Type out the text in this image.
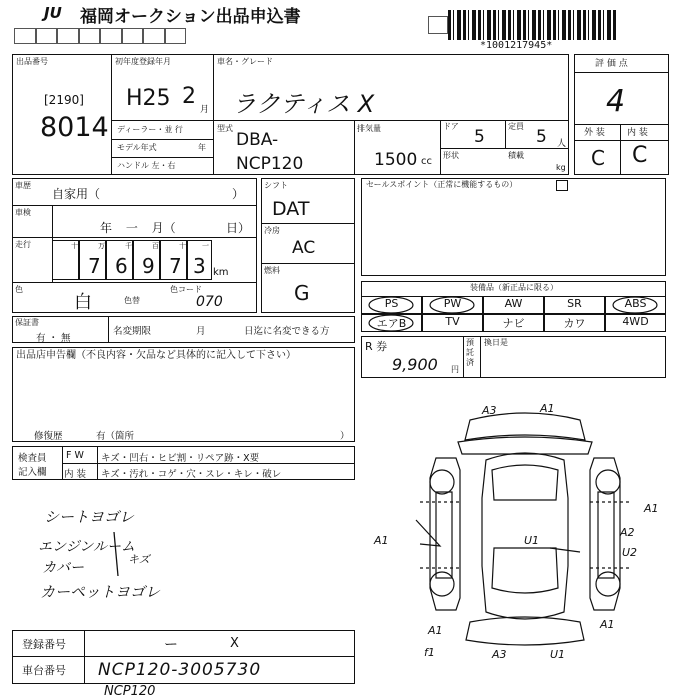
JU 福岡オークション出品申込書
*1001217945*
出品番号
[2190]
8014
初年度登録年月
H25 2
月
ディーラー・並 行
モデル年式	年
ハンドル 左・右
車名・グレード
ラクティス X
型式
DBA-
NCP120
排気量
1500 cc
ドア
5
定員
5 人
形状	積載
kg
評 価 点
4
外 装 内 装
C C
車歴
自家用（	）
車検
年 一 月（	日）
走行	十	万	千	百	十 一
7 6 9 7 3 km
色
白	色替
色コード
070
シフト
DAT
冷房
AC
燃料
G
セールスポイント（正常に機能するもの）
装備品（新正品に限る）
PS	PW	AW	SR	ABS
エアB	TV	ナビ	カワ	4WD
保証書
有 ・ 無
名変期限	月	日迄に名変できる方
R 券
9,900 円
預託済
換日是
出品店申告欄（不良内容・欠品など具体的に記入して下さい）
修復歴	有（箇所	）
検査員
記入欄
F W キズ・凹右・ヒビ割・リペア跡・X要
内 装 キズ・汚れ・コゲ・穴・スレ・キレ・破レ
シートヨゴレ
エンジンルーム
カバー
キズ
カーペットヨゴレ
A3	A1
A1
A1
U1
A2
U2
A1	A1
A3	U1
f1
登録番号	ー	X
車台番号 NCP120-3005730
NCP120
